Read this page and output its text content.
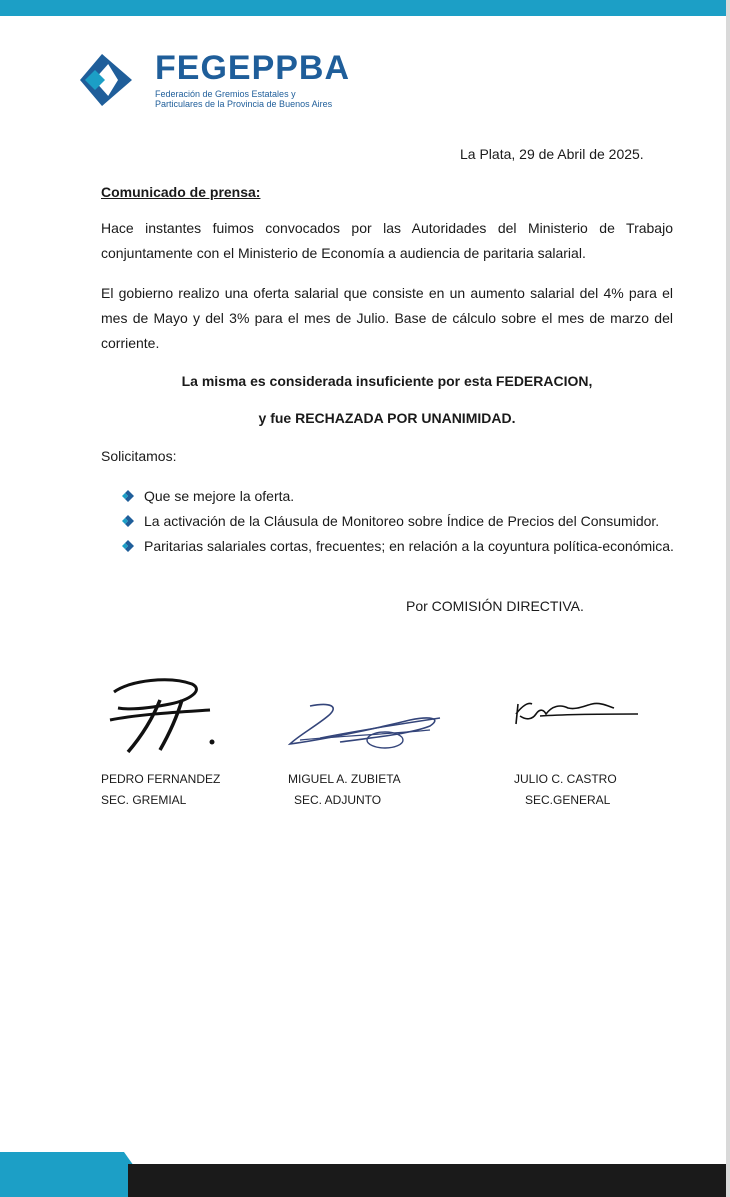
FEGEPPBA
Federación de Gremios Estatales y
Particulares de la Provincia de Buenos Aires
La Plata, 29 de Abril de 2025.
Comunicado de prensa:

Hace instantes fuimos convocados por las Autoridades del Ministerio de Trabajo conjuntamente con el Ministerio de Economía a audiencia de paritaria salarial.

El gobierno realizo una oferta salarial que consiste en un aumento salarial del 4% para el mes de Mayo y del 3% para el mes de Julio. Base de cálculo sobre el mes de marzo del corriente.

La misma es considerada insuficiente por esta FEDERACION,
y fue RECHAZADA POR UNANIMIDAD.
Solicitamos:
Que se mejore la oferta.
La activación de la Cláusula de Monitoreo sobre Índice de Precios del Consumidor.
Paritarias salariales cortas, frecuentes; en relación a la coyuntura política-económica.
Por COMISIÓN DIRECTIVA.
PEDRO FERNANDEZ
SEC. GREMIAL
MIGUEL A. ZUBIETA
SEC. ADJUNTO
JULIO C. CASTRO
SEC.GENERAL
